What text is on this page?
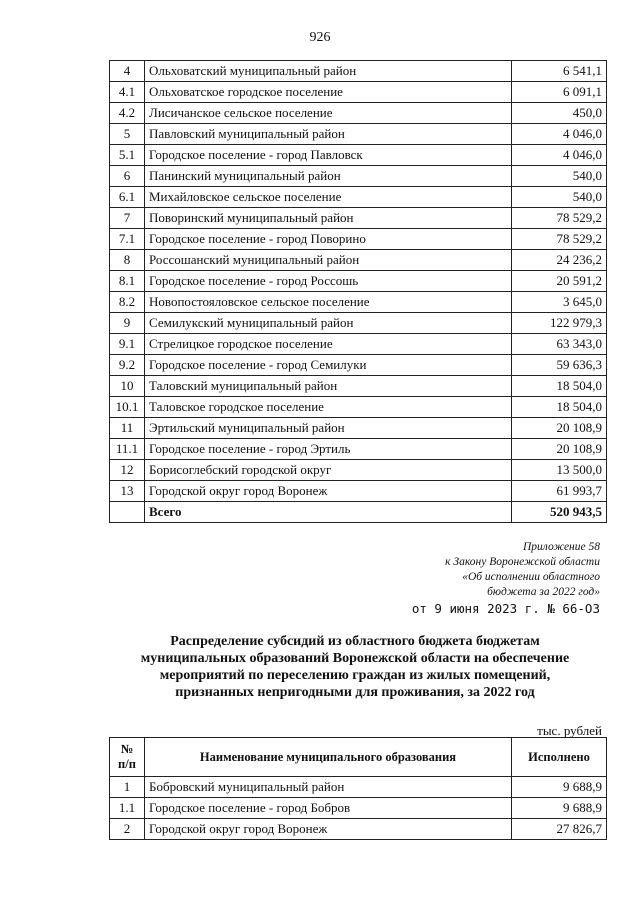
926
4	Ольховатский муниципальный район	6 541,1
4.1	Ольховатское городское поселение	6 091,1
4.2	Лисичанское сельское поселение	450,0
5	Павловский муниципальный район	4 046,0
5.1	Городское поселение - город Павловск	4 046,0
6	Панинский муниципальный район	540,0
6.1	Михайловское сельское поселение	540,0
7	Поворинский муниципальный район	78 529,2
7.1	Городское поселение - город Поворино	78 529,2
8	Россошанский муниципальный район	24 236,2
8.1	Городское поселение - город Россошь	20 591,2
8.2	Новопостояловское сельское поселение	3 645,0
9	Семилукский муниципальный район	122 979,3
9.1	Стрелицкое городское поселение	63 343,0
9.2	Городское поселение - город Семилуки	59 636,3
10	Таловский муниципальный район	18 504,0
10.1	Таловское городское поселение	18 504,0
11	Эртильский муниципальный район	20 108,9
11.1	Городское поселение - город Эртиль	20 108,9
12	Борисоглебский городской округ	13 500,0
13	Городской округ город Воронеж	61 993,7
	Всего	520 943,5
Приложение 58
к Закону Воронежской области
«Об исполнении областного
бюджета за 2022 год»
от 9 июня 2023 г. № 66-ОЗ
Распределение субсидий из областного бюджета бюджетам
муниципальных образований Воронежской области на обеспечение
мероприятий по переселению граждан из жилых помещений,
признанных непригодными для проживания, за 2022 год
тыс. рублей
№
п/п	Наименование муниципального образования	Исполнено
1	Бобровский муниципальный район	9 688,9
1.1	Городское поселение - город Бобров	9 688,9
2	Городской округ город Воронеж	27 826,7
